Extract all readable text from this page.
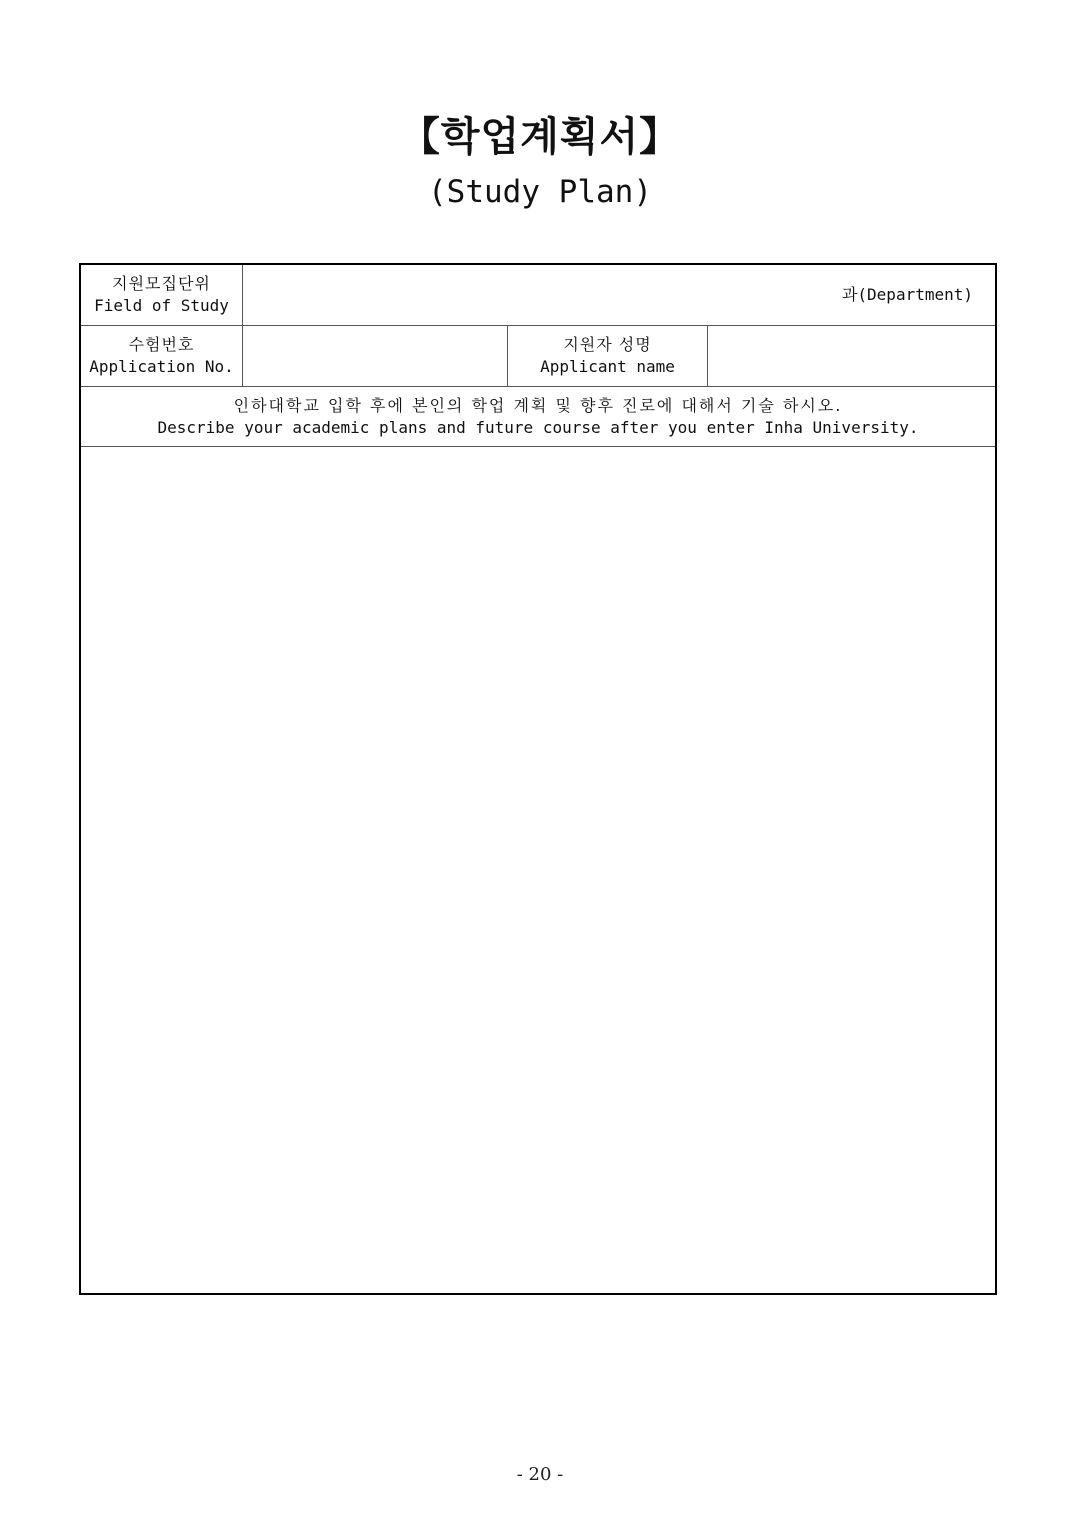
【학업계획서】
(Study Plan)
지원모집단위
Field of Study
과(Department)
수험번호
Application No.
지원자 성명
Applicant name
인하대학교 입학 후에 본인의 학업 계획 및 향후 진로에 대해서 기술 하시오.
Describe your academic plans and future course after you enter Inha University.
- 20 -
